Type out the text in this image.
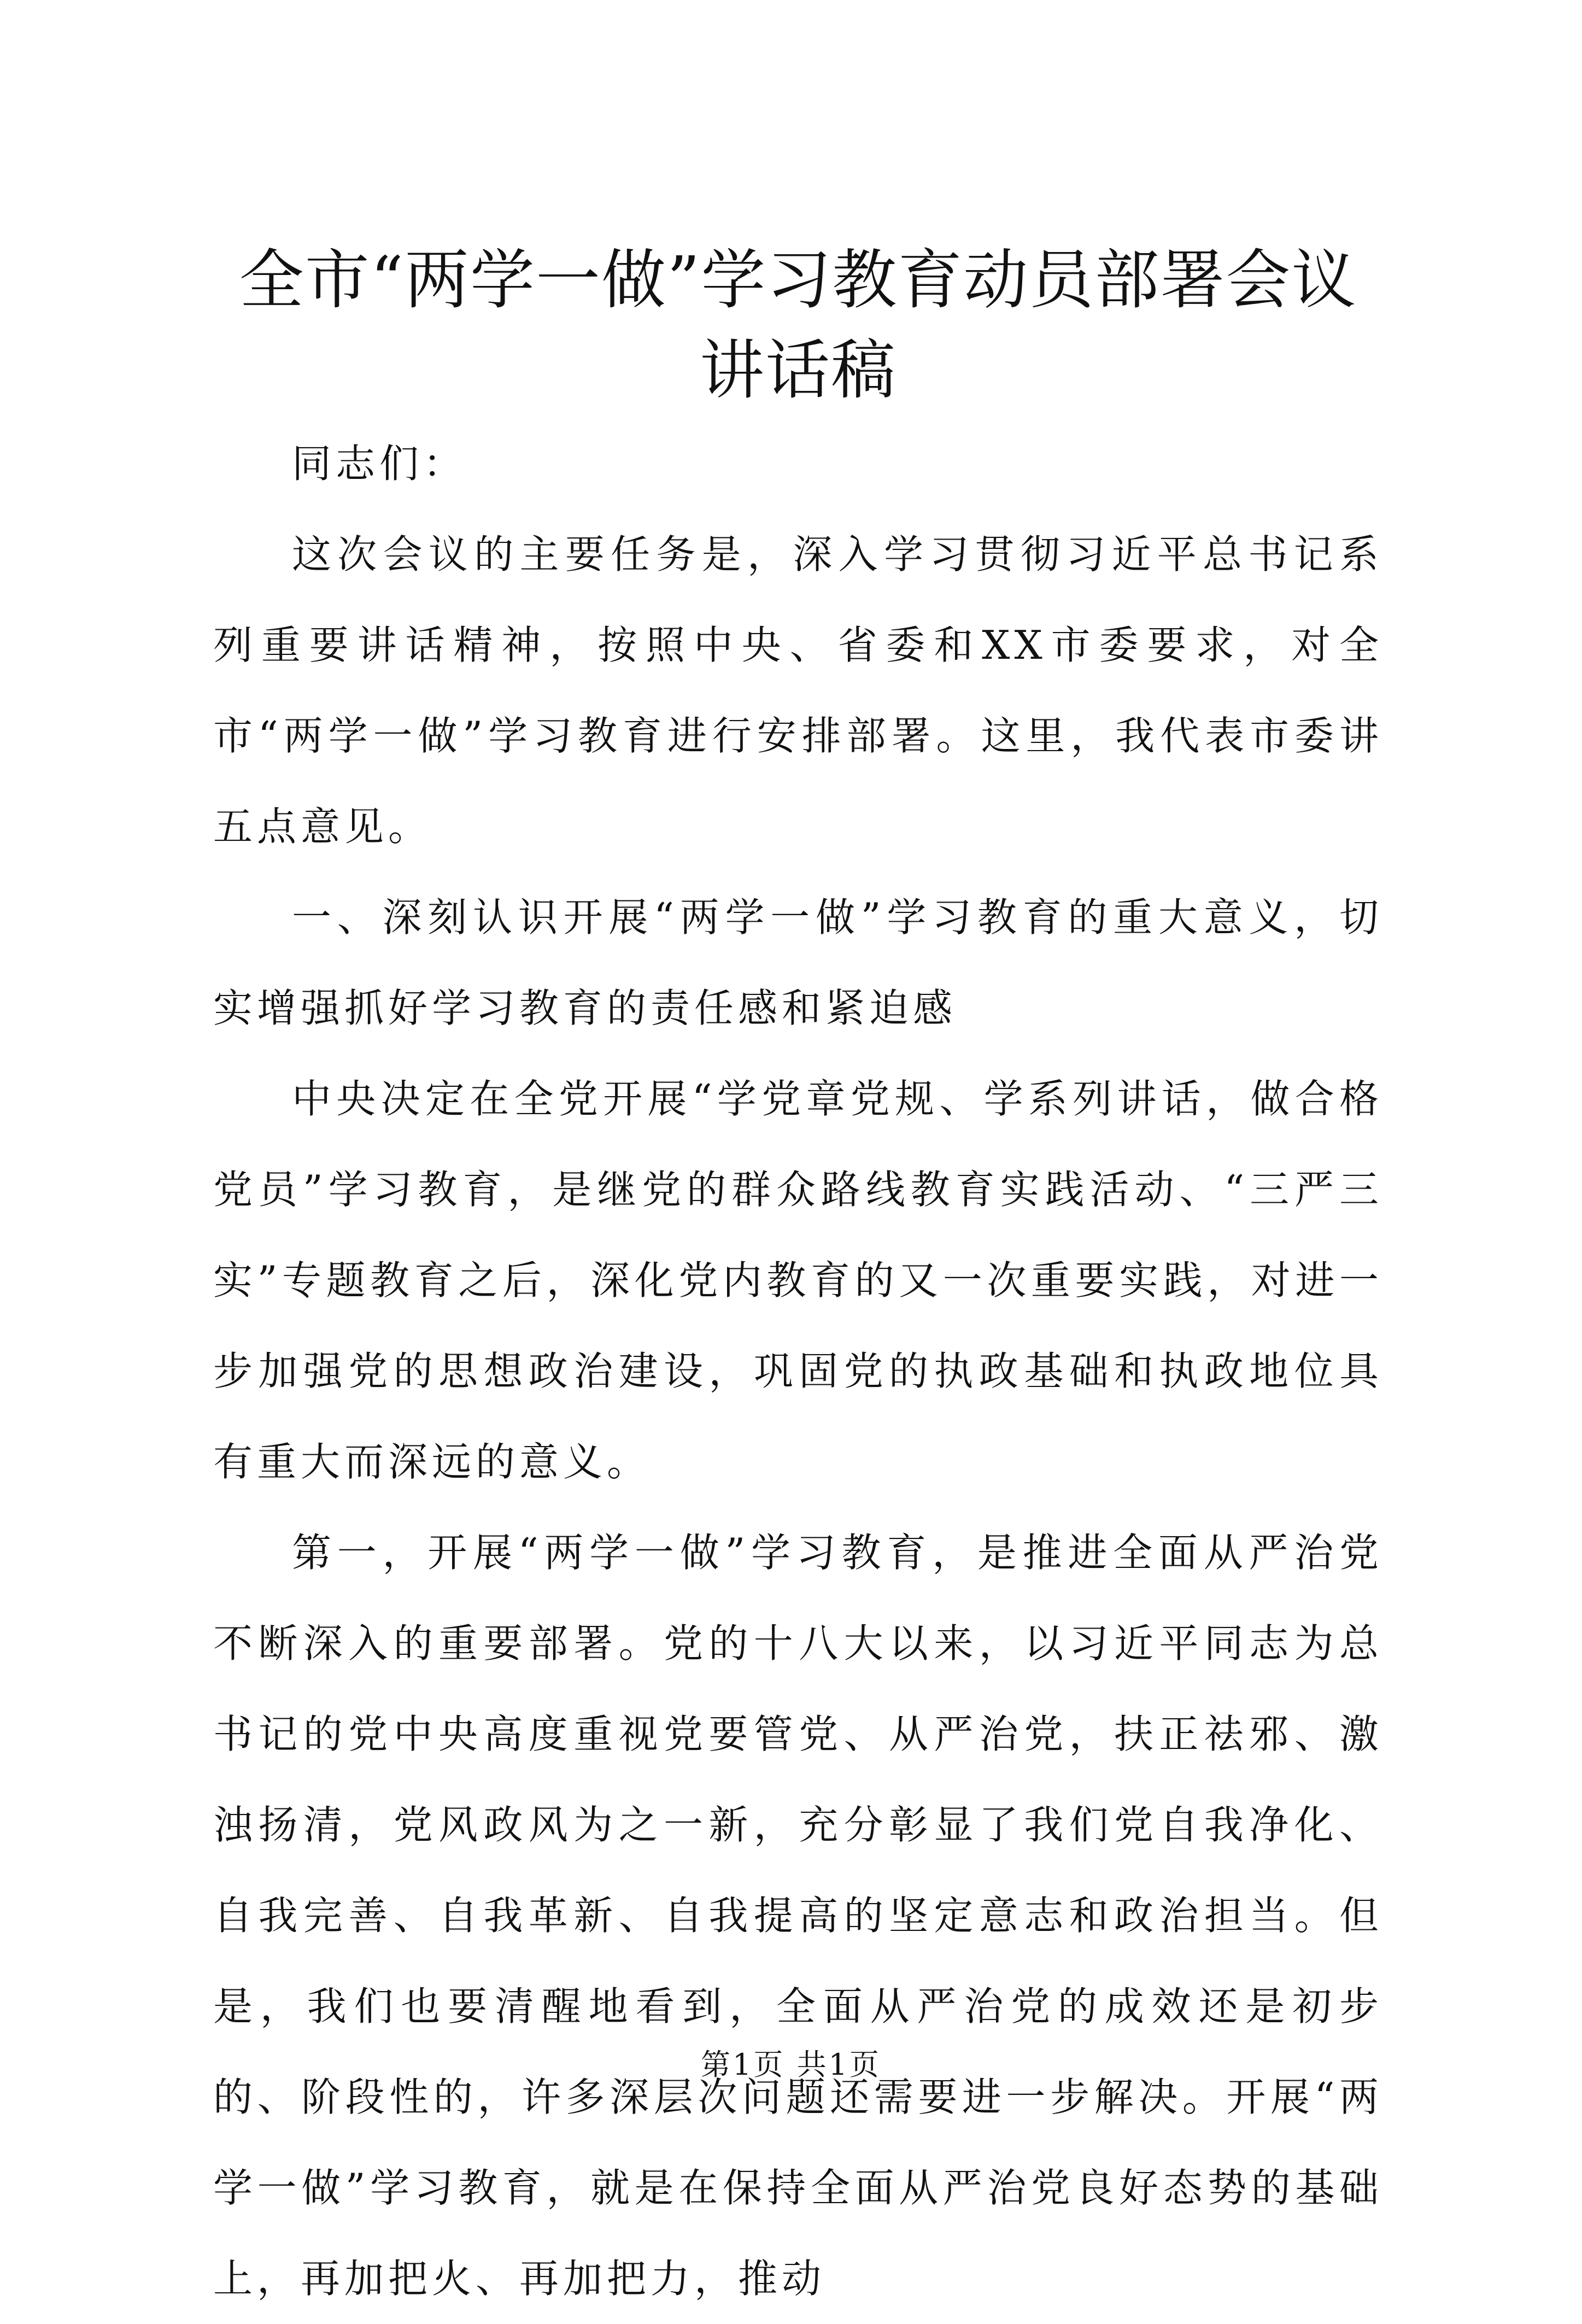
全市“两学一做”学习教育动员部署会议讲话稿

同志们：

这次会议的主要任务是，深入学习贯彻习近平总书记系列重要讲话精神，按照中央、省委和XX市委要求，对全市“两学一做”学习教育进行安排部署。这里，我代表市委讲五点意见。

一、深刻认识开展“两学一做”学习教育的重大意义，切实增强抓好学习教育的责任感和紧迫感

中央决定在全党开展“学党章党规、学系列讲话，做合格党员”学习教育，是继党的群众路线教育实践活动、“三严三实”专题教育之后，深化党内教育的又一次重要实践，对进一步加强党的思想政治建设，巩固党的执政基础和执政地位具有重大而深远的意义。

第一，开展“两学一做”学习教育，是推进全面从严治党不断深入的重要部署。党的十八大以来，以习近平同志为总书记的党中央高度重视党要管党、从严治党，扶正祛邪、激浊扬清，党风政风为之一新，充分彰显了我们党自我净化、自我完善、自我革新、自我提高的坚定意志和政治担当。但是，我们也要清醒地看到，全面从严治党的成效还是初步的、阶段性的，许多深层次问题还需要进一步解决。开展“两学一做”学习教育，就是在保持全面从严治党良好态势的基础上，再加把火、再加把力，推动

第1页 共1页
